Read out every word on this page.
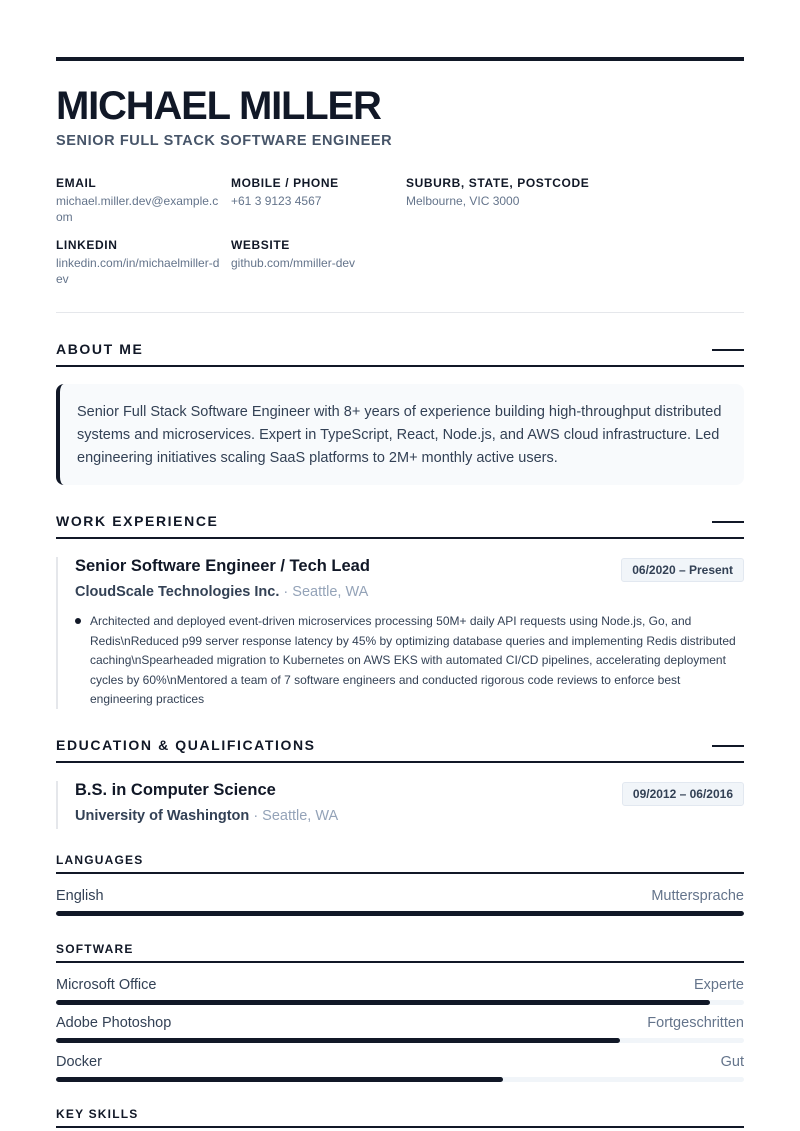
MICHAEL MILLER
SENIOR FULL STACK SOFTWARE ENGINEER
EMAIL
michael.miller.dev@example.com
MOBILE / PHONE
+61 3 9123 4567
SUBURB, STATE, POSTCODE
Melbourne, VIC 3000
LINKEDIN
linkedin.com/in/michaelmiller-dev
WEBSITE
github.com/mmiller-dev
ABOUT ME
Senior Full Stack Software Engineer with 8+ years of experience building high-throughput distributed systems and microservices. Expert in TypeScript, React, Node.js, and AWS cloud infrastructure. Led engineering initiatives scaling SaaS platforms to 2M+ monthly active users.
WORK EXPERIENCE
Senior Software Engineer / Tech Lead	06/2020 – Present
CloudScale Technologies Inc. · Seattle, WA
Architected and deployed event-driven microservices processing 50M+ daily API requests using Node.js, Go, and Redis\nReduced p99 server response latency by 45% by optimizing database queries and implementing Redis distributed caching\nSpearheaded migration to Kubernetes on AWS EKS with automated CI/CD pipelines, accelerating deployment cycles by 60%\nMentored a team of 7 software engineers and conducted rigorous code reviews to enforce best engineering practices
EDUCATION & QUALIFICATIONS
B.S. in Computer Science	09/2012 – 06/2016
University of Washington · Seattle, WA
LANGUAGES
English	Muttersprache
SOFTWARE
Microsoft Office	Experte
Adobe Photoshop	Fortgeschritten
Docker	Gut
KEY SKILLS
